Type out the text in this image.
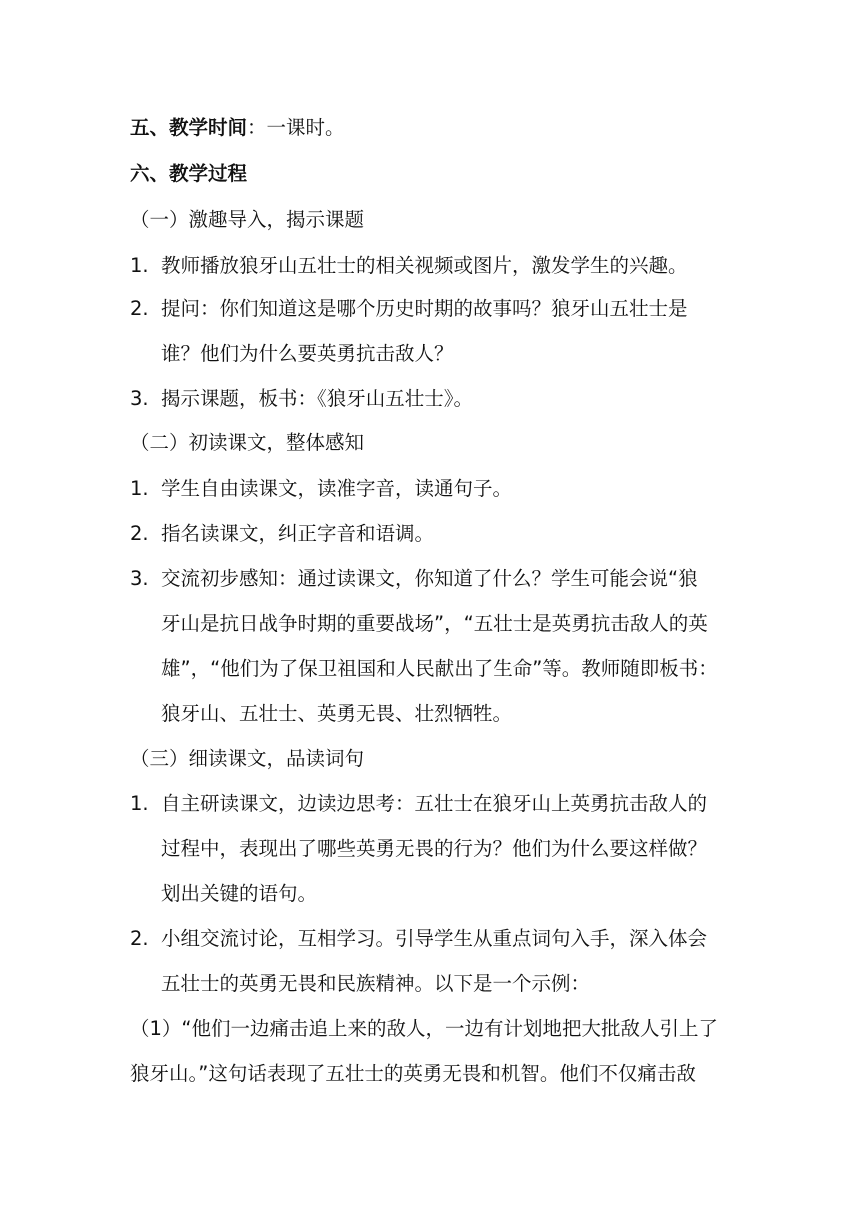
五、教学时间：一课时。
六、教学过程
（一）激趣导入，揭示课题
1. 教师播放狼牙山五壮士的相关视频或图片，激发学生的兴趣。
2. 提问：你们知道这是哪个历史时期的故事吗？狼牙山五壮士是
谁？他们为什么要英勇抗击敌人？
3. 揭示课题，板书：《狼牙山五壮士》。
（二）初读课文，整体感知
1. 学生自由读课文，读准字音，读通句子。
2. 指名读课文，纠正字音和语调。
3. 交流初步感知：通过读课文，你知道了什么？学生可能会说“狼
牙山是抗日战争时期的重要战场”，“五壮士是英勇抗击敌人的英
雄”，“他们为了保卫祖国和人民献出了生命”等。教师随即板书：
狼牙山、五壮士、英勇无畏、壮烈牺牲。
（三）细读课文，品读词句
1. 自主研读课文，边读边思考：五壮士在狼牙山上英勇抗击敌人的
过程中，表现出了哪些英勇无畏的行为？他们为什么要这样做？
划出关键的语句。
2. 小组交流讨论，互相学习。引导学生从重点词句入手，深入体会
五壮士的英勇无畏和民族精神。以下是一个示例：
（1）“他们一边痛击追上来的敌人，一边有计划地把大批敌人引上了
狼牙山。”这句话表现了五壮士的英勇无畏和机智。他们不仅痛击敌
